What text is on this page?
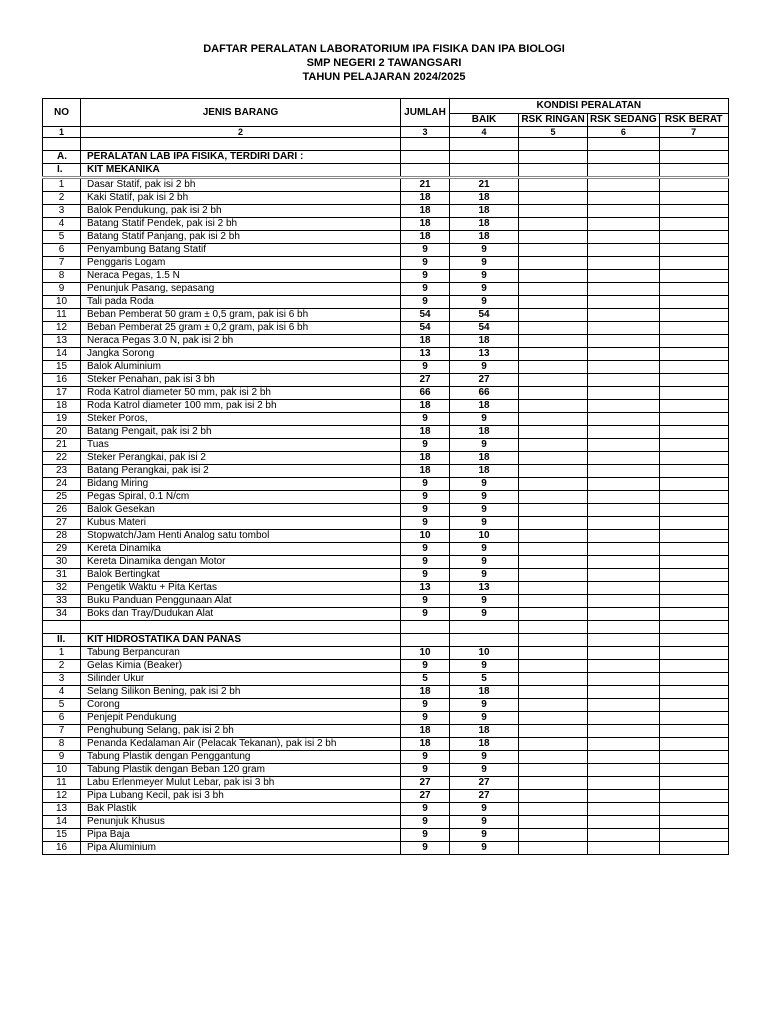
DAFTAR PERALATAN LABORATORIUM IPA FISIKA DAN IPA BIOLOGI
SMP NEGERI 2 TAWANGSARI
TAHUN PELAJARAN 2024/2025
NO	JENIS BARANG	JUMLAH	KONDISI PERALATAN			
			BAIK	RSK RINGAN	RSK SEDANG	RSK BERAT
1	2	3	4	5	6	7

A.	PERALATAN LAB IPA FISIKA, TERDIRI DARI :					
I.	KIT MEKANIKA					
1	Dasar Statif, pak isi 2 bh	21	21			
2	Kaki Statif, pak isi 2 bh	18	18			
3	Balok Pendukung, pak isi 2 bh	18	18			
4	Batang Statif Pendek, pak isi 2 bh	18	18			
5	Batang Statif Panjang, pak isi 2 bh	18	18			
6	Penyambung Batang Statif	9	9			
7	Penggaris Logam	9	9			
8	Neraca Pegas, 1.5 N	9	9			
9	Penunjuk Pasang, sepasang	9	9			
10	Tali pada Roda	9	9			
11	Beban Pemberat 50 gram ± 0,5 gram, pak isi 6 bh	54	54			
12	Beban Pemberat 25 gram ± 0,2 gram, pak isi 6 bh	54	54			
13	Neraca Pegas 3.0 N, pak isi 2 bh	18	18			
14	Jangka Sorong	13	13			
15	Balok Aluminium	9	9			
16	Steker Penahan, pak isi 3 bh	27	27			
17	Roda Katrol diameter 50 mm, pak isi 2 bh	66	66			
18	Roda Katrol diameter 100 mm, pak isi 2 bh	18	18			
19	Steker Poros,	9	9			
20	Batang Pengait, pak isi 2 bh	18	18			
21	Tuas	9	9			
22	Steker Perangkai, pak isi 2	18	18			
23	Batang Perangkai, pak isi 2	18	18			
24	Bidang Miring	9	9			
25	Pegas Spiral, 0.1 N/cm	9	9			
26	Balok Gesekan	9	9			
27	Kubus Materi	9	9			
28	Stopwatch/Jam Henti Analog satu tombol	10	10			
29	Kereta Dinamika	9	9			
30	Kereta Dinamika dengan Motor	9	9			
31	Balok Bertingkat	9	9			
32	Pengetik Waktu + Pita Kertas	13	13			
33	Buku Panduan Penggunaan Alat	9	9			
34	Boks dan Tray/Dudukan Alat	9	9			

II.	KIT HIDROSTATIKA DAN PANAS					
1	Tabung Berpancuran	10	10			
2	Gelas Kimia (Beaker)	9	9			
3	Silinder Ukur	5	5			
4	Selang Silikon Bening, pak isi 2 bh	18	18			
5	Corong	9	9			
6	Penjepit Pendukung	9	9			
7	Penghubung Selang, pak isi 2 bh	18	18			
8	Penanda Kedalaman Air (Pelacak Tekanan), pak isi 2 bh	18	18			
9	Tabung Plastik dengan Penggantung	9	9			
10	Tabung Plastik dengan Beban 120 gram	9	9			
11	Labu Erlenmeyer Mulut Lebar, pak isi 3 bh	27	27			
12	Pipa Lubang Kecil, pak isi 3 bh	27	27			
13	Bak Plastik	9	9			
14	Penunjuk Khusus	9	9			
15	Pipa Baja	9	9			
16	Pipa Aluminium	9	9			
